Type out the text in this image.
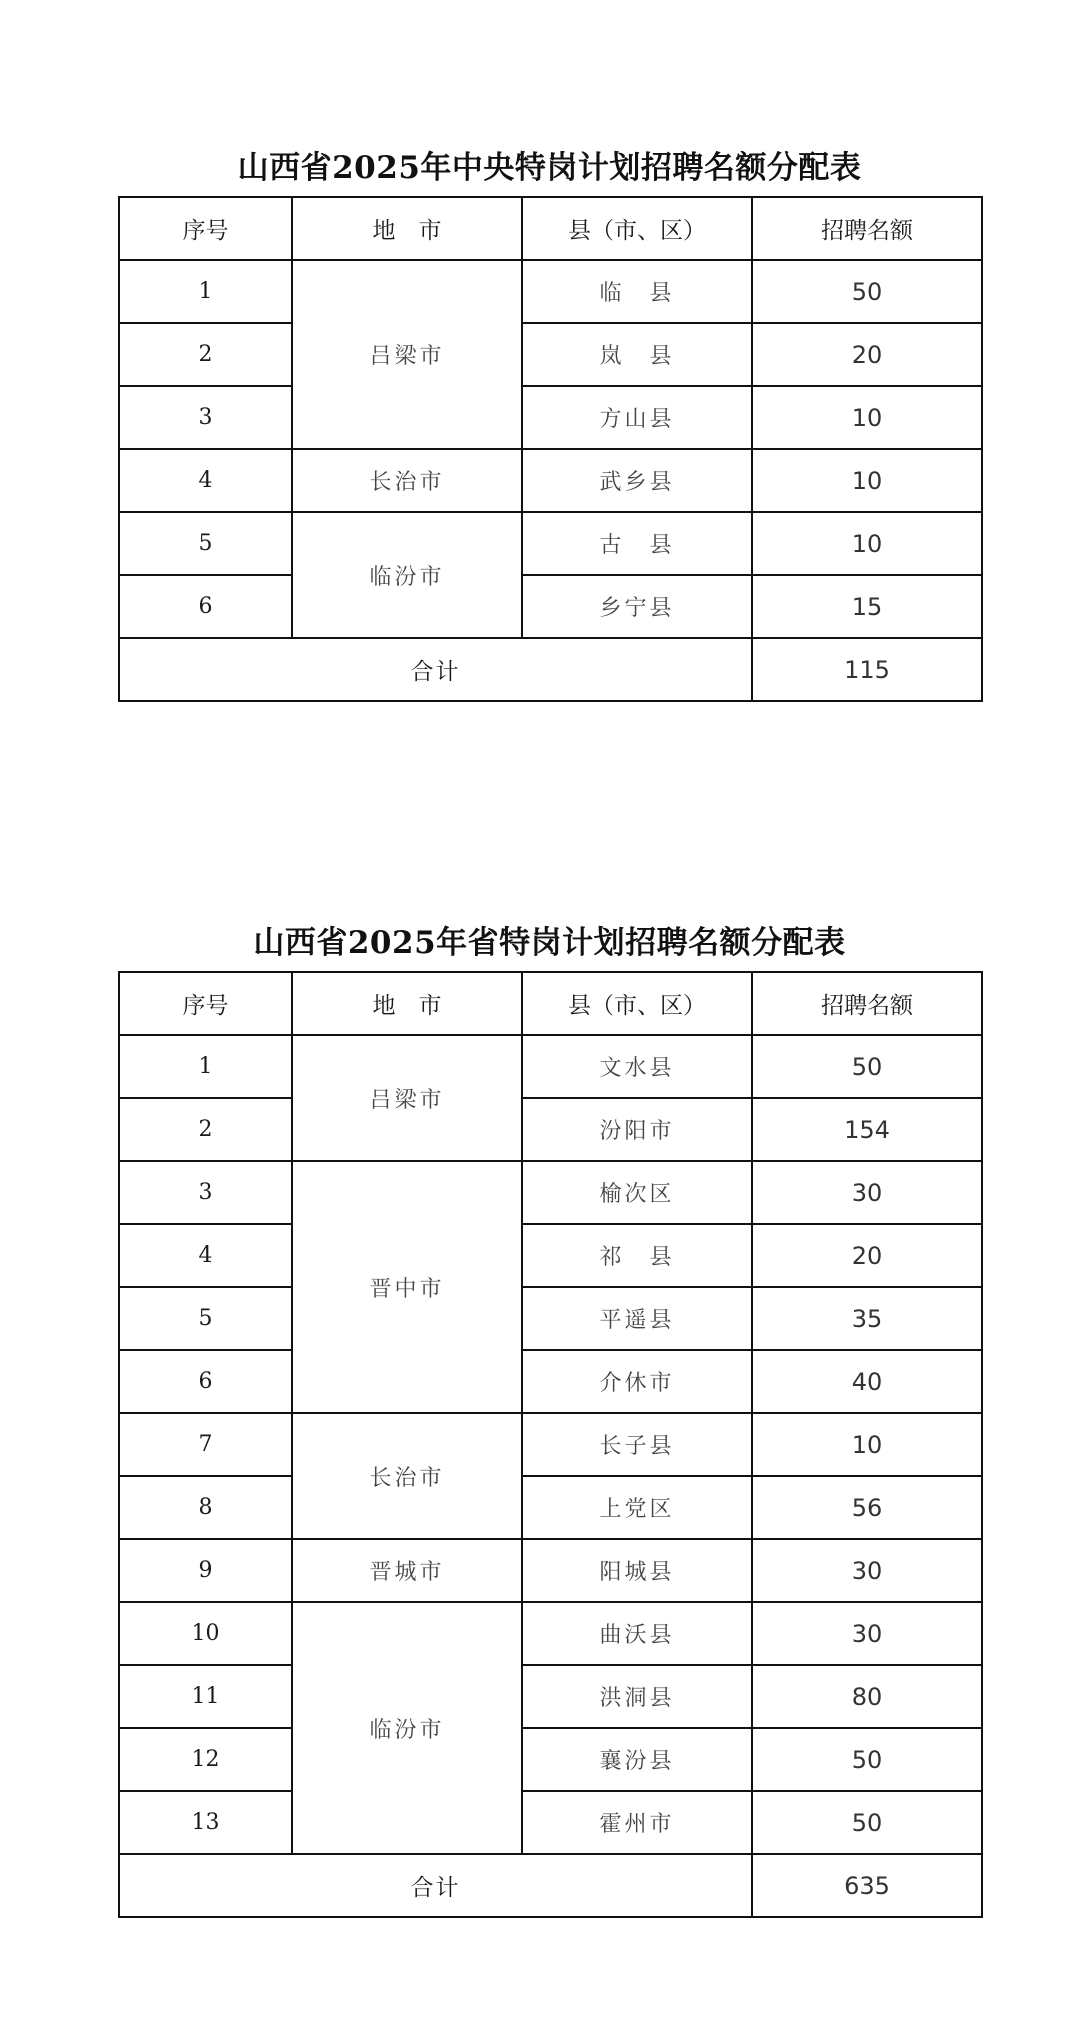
山西省2025年中央特岗计划招聘名额分配表
序号	地　市	县（市、区）	招聘名额
1	吕梁市	临　县	50
2		岚　县	20
3		方山县	10
4	长治市	武乡县	10
5	临汾市	古　县	10
6		乡宁县	15
合计			115
山西省2025年省特岗计划招聘名额分配表
序号	地　市	县（市、区）	招聘名额
1	吕梁市	文水县	50
2		汾阳市	154
3	晋中市	榆次区	30
4		祁　县	20
5		平遥县	35
6		介休市	40
7	长治市	长子县	10
8		上党区	56
9	晋城市	阳城县	30
10	临汾市	曲沃县	30
11		洪洞县	80
12		襄汾县	50
13		霍州市	50
合计			635
